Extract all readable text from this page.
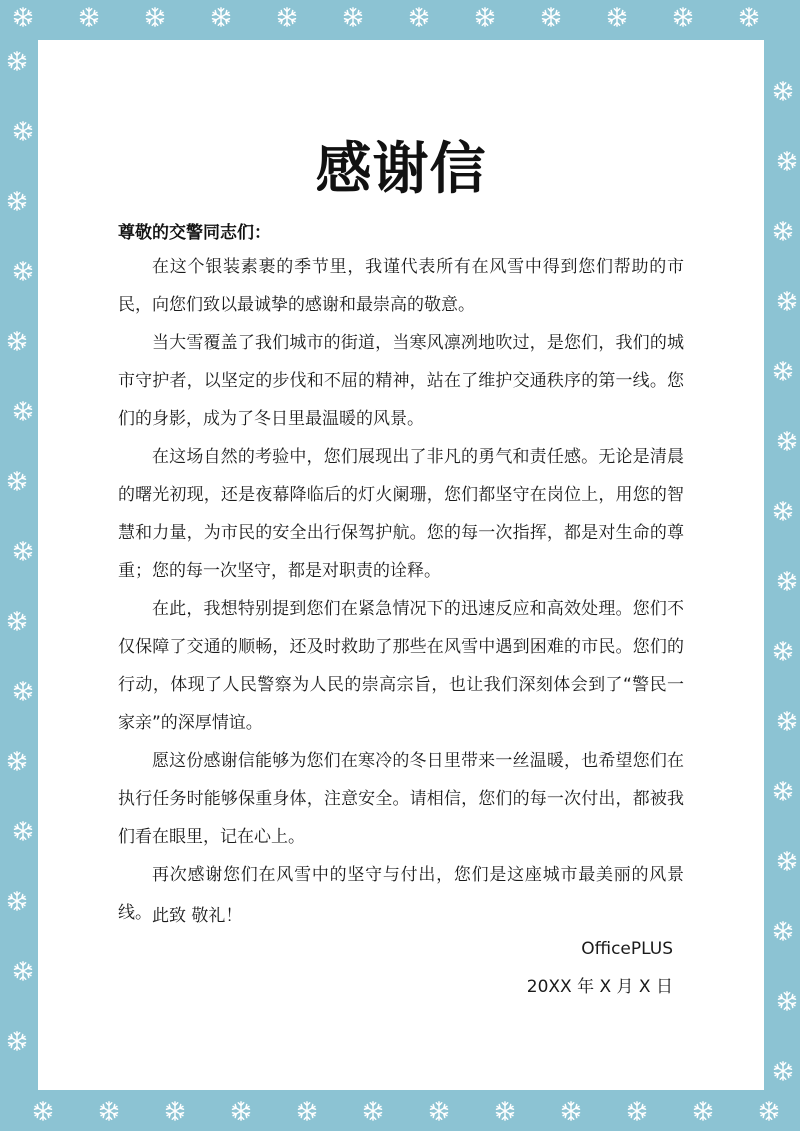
感谢信

尊敬的交警同志们：

在这个银装素裹的季节里，我谨代表所有在风雪中得到您们帮助的市民，向您们致以最诚挚的感谢和最崇高的敬意。

当大雪覆盖了我们城市的街道，当寒风凛冽地吹过，是您们，我们的城市守护者，以坚定的步伐和不屈的精神，站在了维护交通秩序的第一线。您们的身影，成为了冬日里最温暖的风景。

在这场自然的考验中，您们展现出了非凡的勇气和责任感。无论是清晨的曙光初现，还是夜幕降临后的灯火阑珊，您们都坚守在岗位上，用您的智慧和力量，为市民的安全出行保驾护航。您的每一次指挥，都是对生命的尊重；您的每一次坚守，都是对职责的诠释。

在此，我想特别提到您们在紧急情况下的迅速反应和高效处理。您们不仅保障了交通的顺畅，还及时救助了那些在风雪中遇到困难的市民。您们的行动，体现了人民警察为人民的崇高宗旨，也让我们深刻体会到了“警民一家亲”的深厚情谊。

愿这份感谢信能够为您们在寒冷的冬日里带来一丝温暖，也希望您们在执行任务时能够保重身体，注意安全。请相信，您们的每一次付出，都被我们看在眼里，记在心上。

再次感谢您们在风雪中的坚守与付出，您们是这座城市最美丽的风景线。 此致 敬礼！

OfficePLUS

20XX 年 X 月 X 日
